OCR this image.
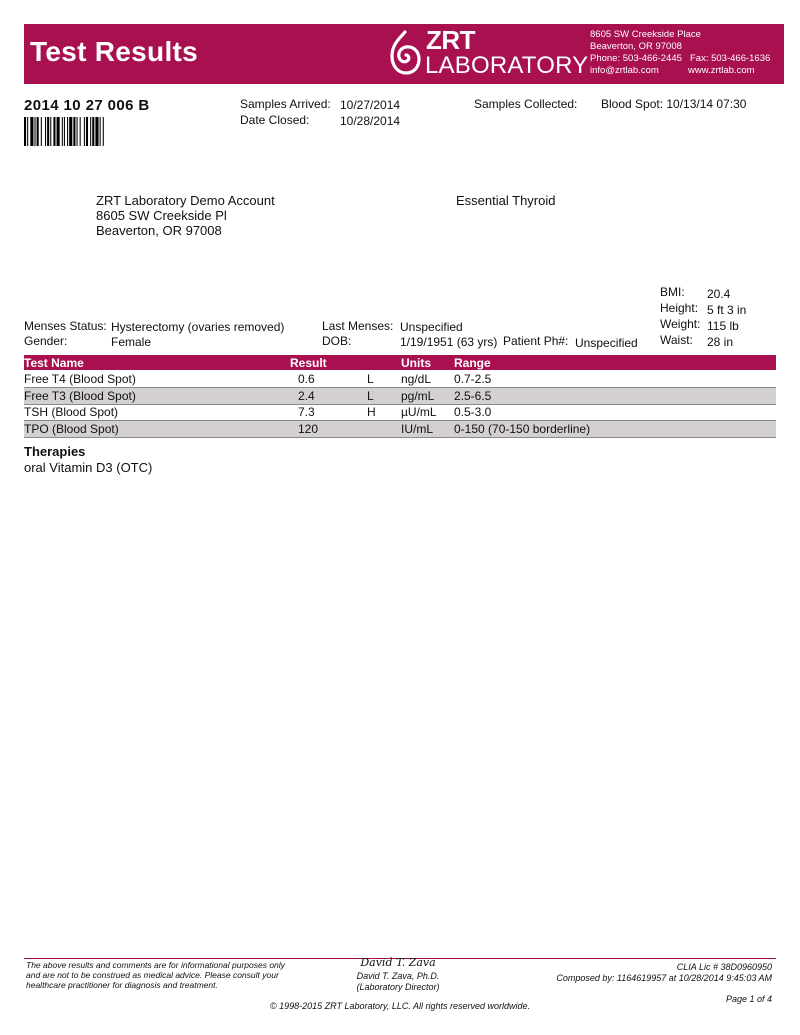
Test Results	ZRT
LABORATORY
8605 SW Creekside Place
Beaverton, OR 97008
Phone: 503-466-2445 Fax: 503-466-1636
info@zrtlab.com	www.zrtlab.com
2014 10 27 006 B	Samples Arrived: 10/27/2014
Date Closed:	10/28/2014
Samples Collected: Blood Spot: 10/13/14 07:30
ZRT Laboratory Demo Account
8605 SW Creekside Pl
Beaverton, OR 97008
Essential Thyroid
Menses Status: Hysterectomy (ovaries removed)
Gender:	Female
Last Menses: Unspecified
DOB:	1/19/1951 (63 yrs) Patient Ph#: Unspecified
BMI: 20.4
Height: 5 ft 3 in
Weight: 115 lb
Waist: 28 in
Test Name	Result	Units Range
Free T4 (Blood Spot)	0.6	L ng/dL 0.7-2.5
Free T3 (Blood Spot)	2.4	L pg/mL 2.5-6.5
TSH (Blood Spot)	7.3	H µU/mL 0.5-3.0
TPO (Blood Spot)	120	IU/mL 0-150 (70-150 borderline)
Therapies
oral Vitamin D3 (OTC)
The above results and comments are for informational purposes only and are not to be construed as medical advice. Please consult your healthcare practitioner for diagnosis and treatment.
David T. Zava
David T. Zava, Ph.D.
(Laboratory Director)
CLIA Lic # 38D0960950
Composed by: 1164619957 at 10/28/2014 9:45:03 AM
Page 1 of 4
© 1998-2015 ZRT Laboratory, LLC. All rights reserved worldwide.
